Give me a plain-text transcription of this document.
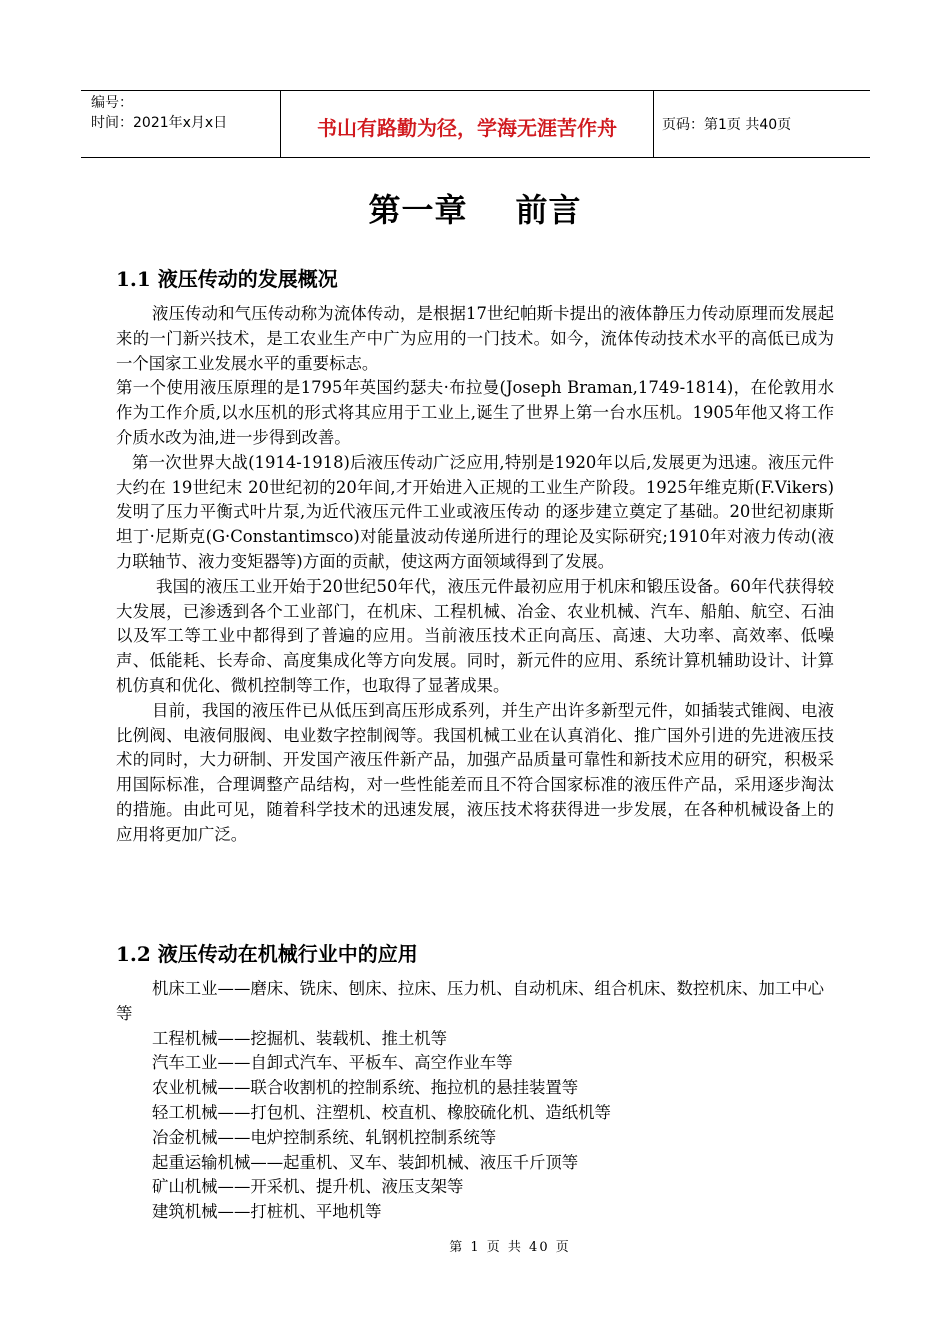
编号：
时间：2021年x月x日	书山有路勤为径，学海无涯苦作舟	页码：第1页 共40页
第一章 前言
1.1 液压传动的发展概况

液压传动和气压传动称为流体传动，是根据17世纪帕斯卡提出的液体静压力传动原理而发展起来的一门新兴技术，是工农业生产中广为应用的一门技术。如今，流体传动技术水平的高低已成为一个国家工业发展水平的重要标志。

第一个使用液压原理的是1795年英国约瑟夫·布拉曼(Joseph Braman,1749-1814)，在伦敦用水作为工作介质,以水压机的形式将其应用于工业上,诞生了世界上第一台水压机。1905年他又将工作介质水改为油,进一步得到改善。

第一次世界大战(1914-1918)后液压传动广泛应用,特别是1920年以后,发展更为迅速。液压元件大约在 19世纪末 20世纪初的20年间,才开始进入正规的工业生产阶段。1925年维克斯(F.Vikers)发明了压力平衡式叶片泵,为近代液压元件工业或液压传动 的逐步建立奠定了基础。20世纪初康斯坦丁·尼斯克(G·Constantimsco)对能量波动传递所进行的理论及实际研究;1910年对液力传动(液力联轴节、液力变矩器等)方面的贡献，使这两方面领域得到了发展。

我国的液压工业开始于20世纪50年代，液压元件最初应用于机床和锻压设备。60年代获得较大发展，已渗透到各个工业部门，在机床、工程机械、冶金、农业机械、汽车、船舶、航空、石油以及军工等工业中都得到了普遍的应用。当前液压技术正向高压、高速、大功率、高效率、低噪声、低能耗、长寿命、高度集成化等方向发展。同时，新元件的应用、系统计算机辅助设计、计算机仿真和优化、微机控制等工作，也取得了显著成果。

目前，我国的液压件已从低压到高压形成系列，并生产出许多新型元件，如插装式锥阀、电液比例阀、电液伺服阀、电业数字控制阀等。我国机械工业在认真消化、推广国外引进的先进液压技术的同时，大力研制、开发国产液压件新产品，加强产品质量可靠性和新技术应用的研究，积极采用国际标准，合理调整产品结构，对一些性能差而且不符合国家标准的液压件产品，采用逐步淘汰的措施。由此可见，随着科学技术的迅速发展，液压技术将获得进一步发展，在各种机械设备上的应用将更加广泛。

1.2 液压传动在机械行业中的应用

机床工业——磨床、铣床、刨床、拉床、压力机、自动机床、组合机床、数控机床、加工中心等

工程机械——挖掘机、装载机、推土机等

汽车工业——自卸式汽车、平板车、高空作业车等

农业机械——联合收割机的控制系统、拖拉机的悬挂装置等

轻工机械——打包机、注塑机、校直机、橡胶硫化机、造纸机等

冶金机械——电炉控制系统、轧钢机控制系统等

起重运输机械——起重机、叉车、装卸机械、液压千斤顶等

矿山机械——开采机、提升机、液压支架等

建筑机械——打桩机、平地机等

第 1 页 共 40 页
